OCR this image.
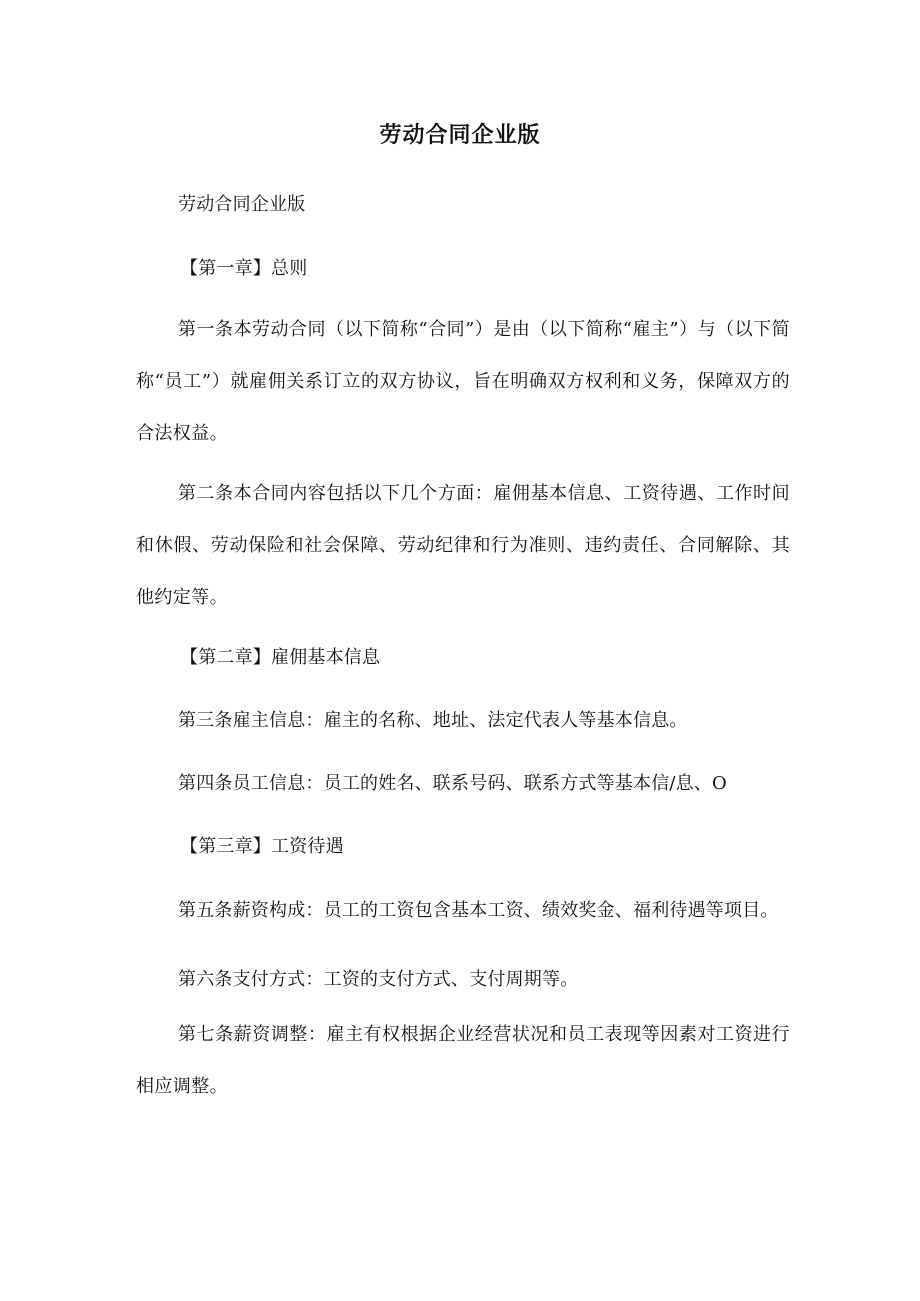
劳动合同企业版
劳动合同企业版
【第一章】总则
第一条本劳动合同（以下简称“合同”）是由（以下简称“雇主”）与（以下简称“员工”）就雇佣关系订立的双方协议，旨在明确双方权利和义务，保障双方的合法权益。
第二条本合同内容包括以下几个方面：雇佣基本信息、工资待遇、工作时间和休假、劳动保险和社会保障、劳动纪律和行为准则、违约责任、合同解除、其他约定等。
【第二章】雇佣基本信息
第三条雇主信息：雇主的名称、地址、法定代表人等基本信息。
第四条员工信息：员工的姓名、联系号码、联系方式等基本信/息、O
【第三章】工资待遇
第五条薪资构成：员工的工资包含基本工资、绩效奖金、福利待遇等项目。
第六条支付方式：工资的支付方式、支付周期等。
第七条薪资调整：雇主有权根据企业经营状况和员工表现等因素对工资进行相应调整。
